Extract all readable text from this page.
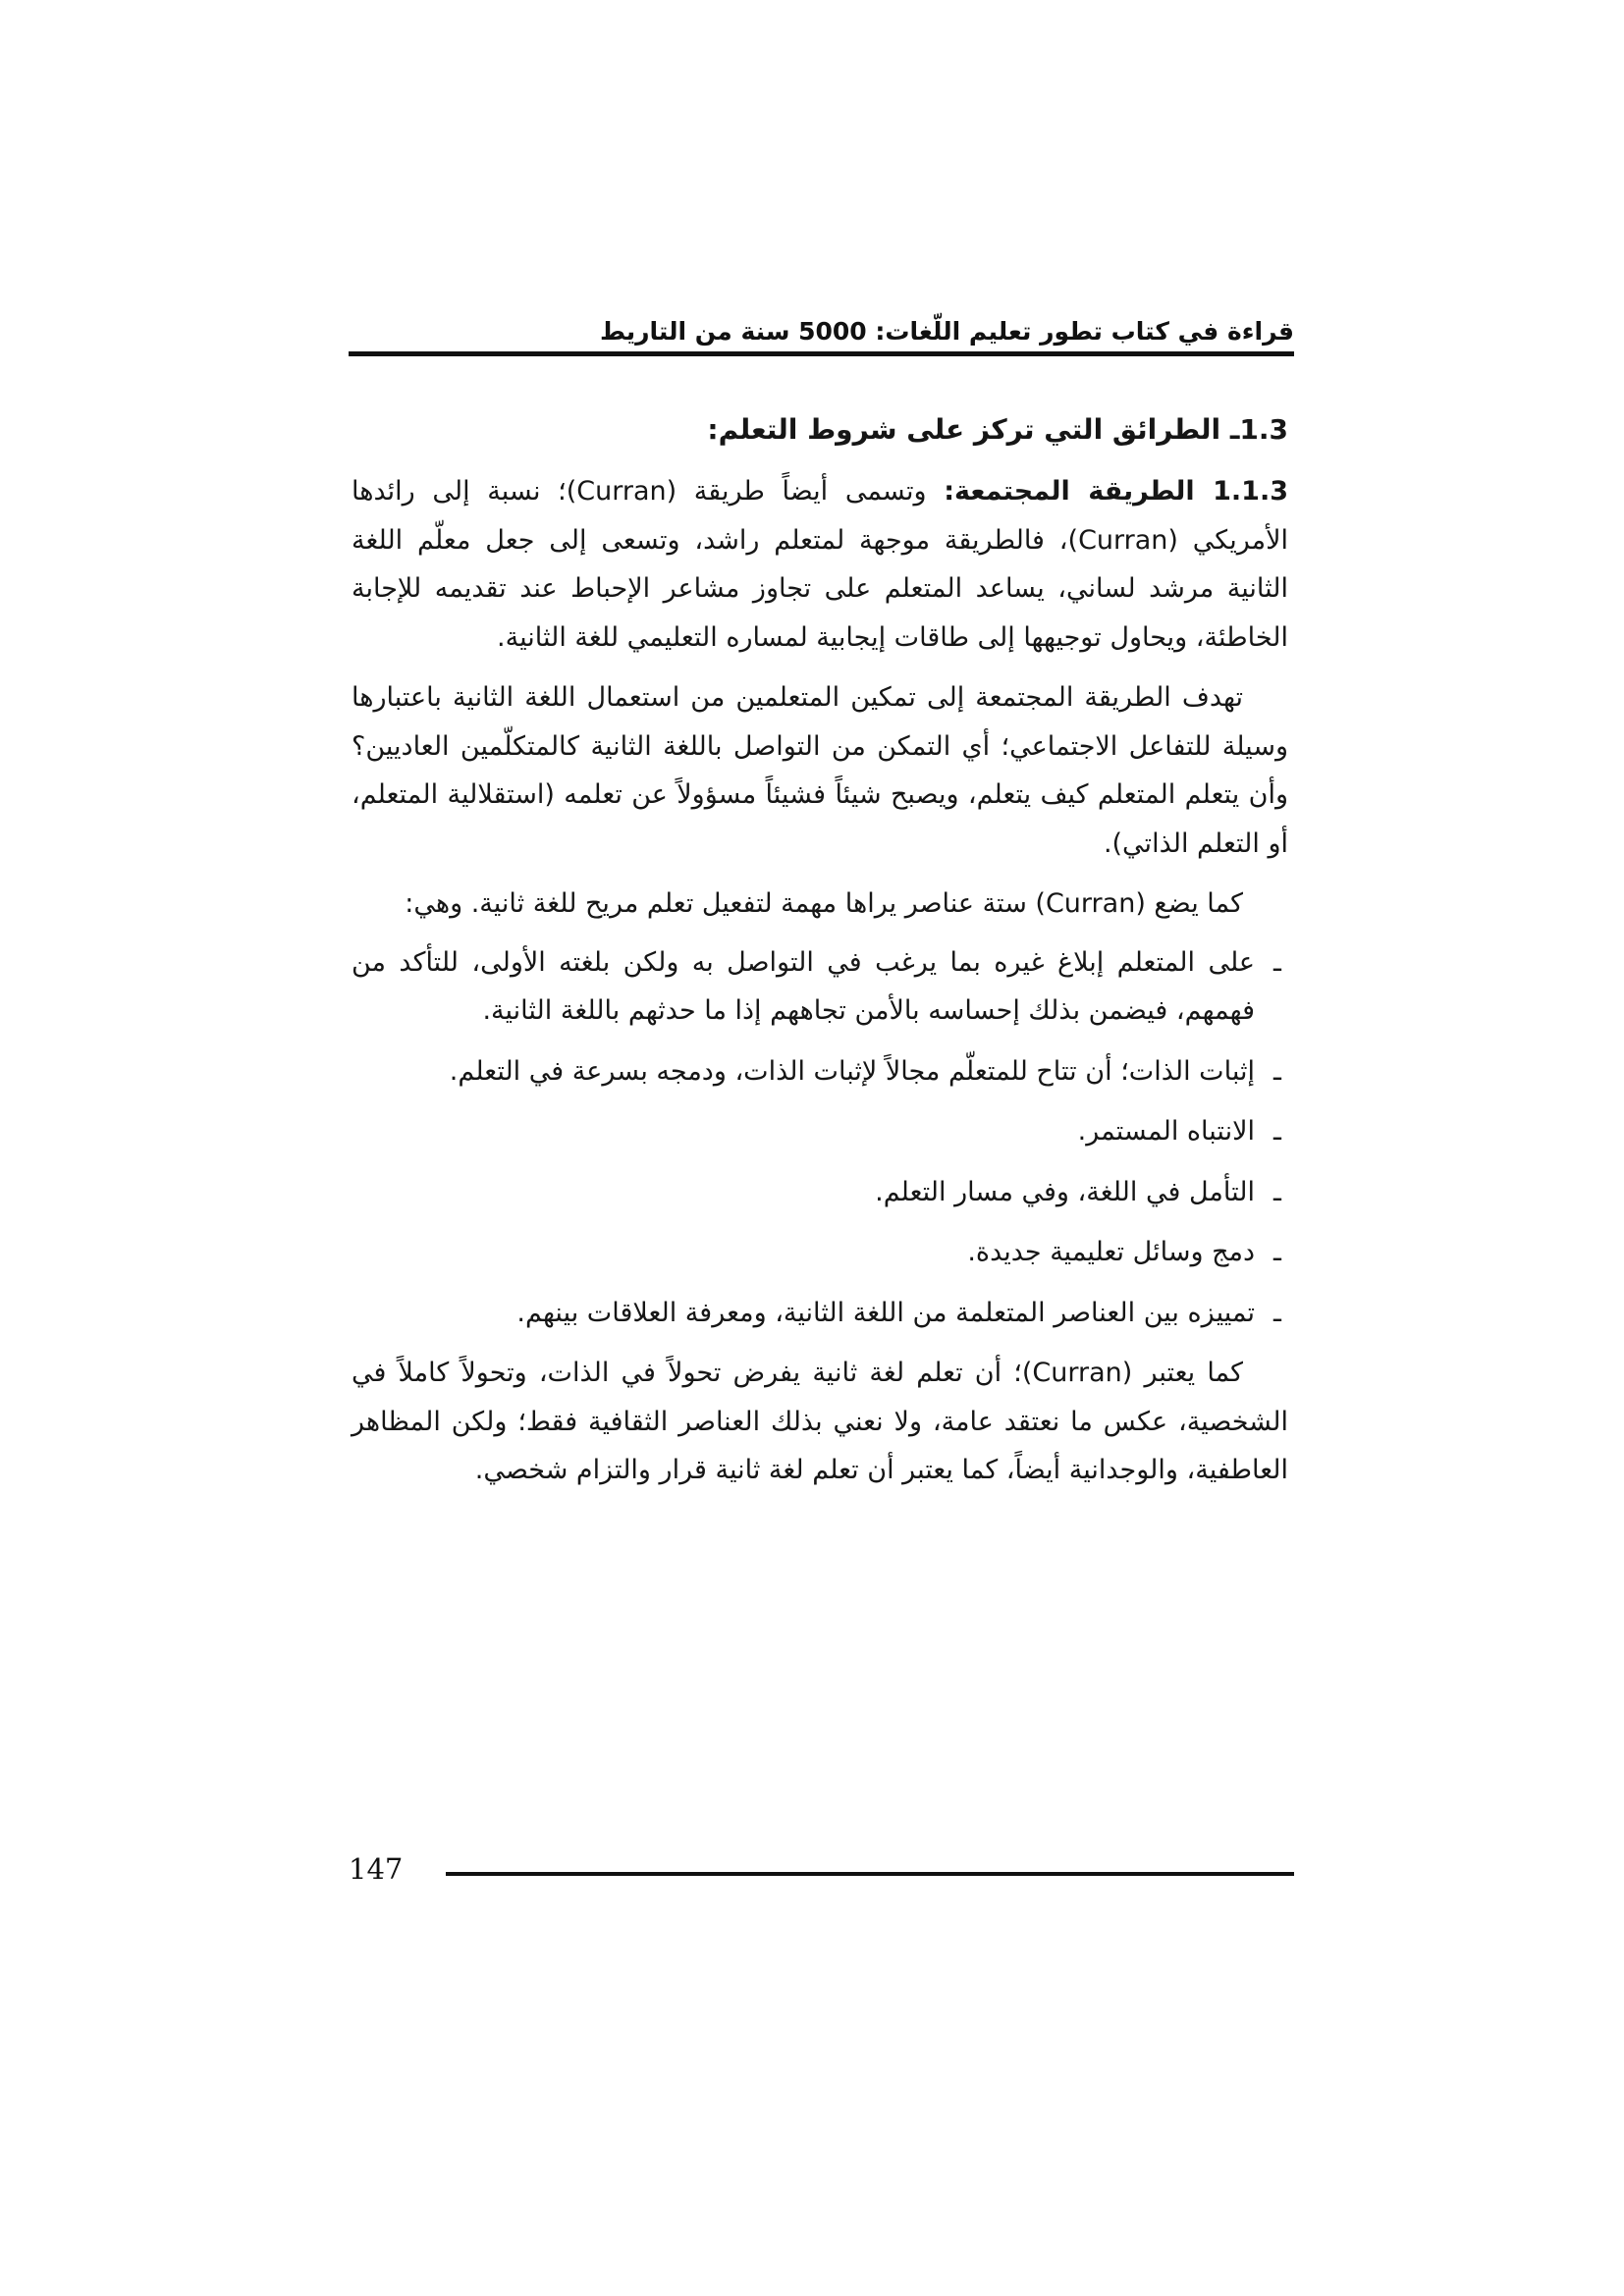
قراءة في كتاب تطور تعليم اللّغات: 5000 سنة من التاريط

1.3ـ الطرائق التي تركز على شروط التعلم:

1.1.3 الطريقة المجتمعة: وتسمى أيضاً طريقة (Curran)؛ نسبة إلى رائدها الأمريكي (Curran)، فالطريقة موجهة لمتعلم راشد، وتسعى إلى جعل معلّم اللغة الثانية مرشد لساني، يساعد المتعلم على تجاوز مشاعر الإحباط عند تقديمه للإجابة الخاطئة، ويحاول توجيهها إلى طاقات إيجابية لمساره التعليمي للغة الثانية.

تهدف الطريقة المجتمعة إلى تمكين المتعلمين من استعمال اللغة الثانية باعتبارها وسيلة للتفاعل الاجتماعي؛ أي التمكن من التواصل باللغة الثانية كالمتكلّمين العاديين؟ وأن يتعلم المتعلم كيف يتعلم، ويصبح شيئاً فشيئاً مسؤولاً عن تعلمه (استقلالية المتعلم، أو التعلم الذاتي).

كما يضع (Curran) ستة عناصر يراها مهمة لتفعيل تعلم مريح للغة ثانية. وهي:

ـ
على المتعلم إبلاغ غيره بما يرغب في التواصل به ولكن بلغته الأولى، للتأكد من فهمهم، فيضمن بذلك إحساسه بالأمن تجاههم إذا ما حدثهم باللغة الثانية.
ـ
إثبات الذات؛ أن تتاح للمتعلّم مجالاً لإثبات الذات، ودمجه بسرعة في التعلم.
ـ
الانتباه المستمر.
ـ
التأمل في اللغة، وفي مسار التعلم.
ـ
دمج وسائل تعليمية جديدة.
ـ
تمييزه بين العناصر المتعلمة من اللغة الثانية، ومعرفة العلاقات بينهم.

كما يعتبر (Curran)؛ أن تعلم لغة ثانية يفرض تحولاً في الذات، وتحولاً كاملاً في الشخصية، عكس ما نعتقد عامة، ولا نعني بذلك العناصر الثقافية فقط؛ ولكن المظاهر العاطفية، والوجدانية أيضاً، كما يعتبر أن تعلم لغة ثانية قرار والتزام شخصي.

147
